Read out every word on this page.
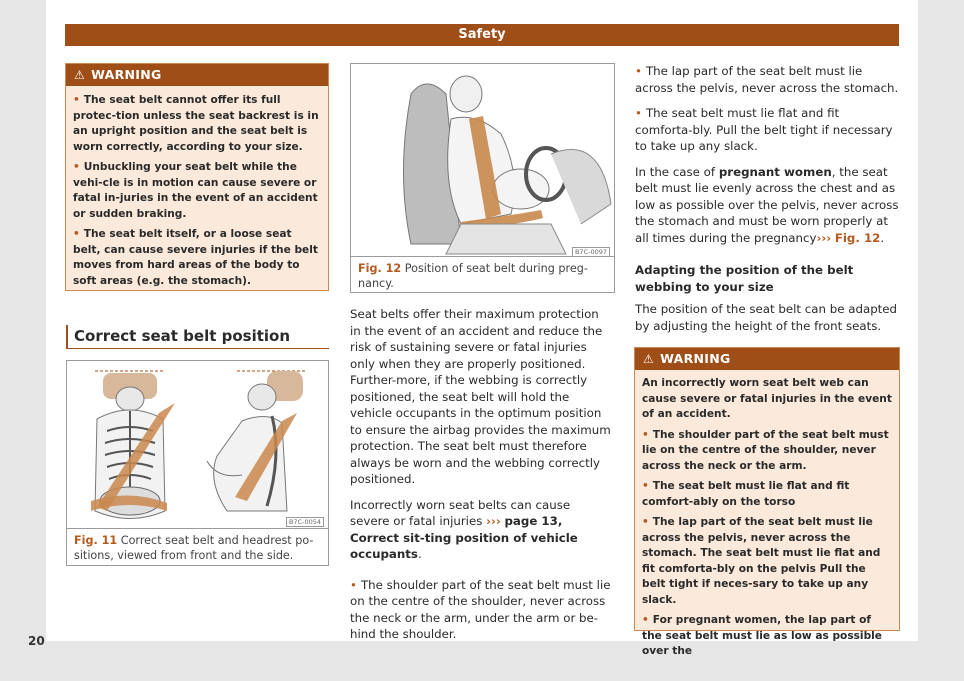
Safety
⚠ WARNING

• The seat belt cannot offer its full protec-tion unless the seat backrest is in an upright position and the seat belt is worn correctly, according to your size.

• Unbuckling your seat belt while the vehi-cle is in motion can cause severe or fatal in-juries in the event of an accident or sudden braking.

• The seat belt itself, or a loose seat belt, can cause severe injuries if the belt moves from hard areas of the body to soft areas (e.g. the stomach).

Correct seat belt position
B7C-0054
Fig. 11 Correct seat belt and headrest po-sitions, viewed from front and the side.
B7C-0097
Fig. 12 Position of seat belt during preg-nancy.

Seat belts offer their maximum protection in the event of an accident and reduce the risk of sustaining severe or fatal injuries only when they are properly positioned. Further-more, if the webbing is correctly positioned, the seat belt will hold the vehicle occupants in the optimum position to ensure the airbag provides the maximum protection. The seat belt must therefore always be worn and the webbing correctly positioned.

Incorrectly worn seat belts can cause severe or fatal injuries ››› page 13, Correct sit-ting position of vehicle occupants.

• The shoulder part of the seat belt must lie on the centre of the shoulder, never across the neck or the arm, under the arm or be-hind the shoulder.

• The lap part of the seat belt must lie across the pelvis, never across the stomach.

• The seat belt must lie flat and fit comforta-bly. Pull the belt tight if necessary to take up any slack.

In the case of pregnant women, the seat belt must lie evenly across the chest and as low as possible over the pelvis, never across the stomach and must be worn properly at all times during the pregnancy››› Fig. 12.

Adapting the position of the belt webbing to your size

The position of the seat belt can be adapted by adjusting the height of the front seats.

⚠ WARNING

An incorrectly worn seat belt web can cause severe or fatal injuries in the event of an accident.

• The shoulder part of the seat belt must lie on the centre of the shoulder, never across the neck or the arm.

• The seat belt must lie flat and fit comfort-ably on the torso

• The lap part of the seat belt must lie across the pelvis, never across the stomach. The seat belt must lie flat and fit comforta-bly on the pelvis Pull the belt tight if neces-sary to take up any slack.

• For pregnant women, the lap part of the seat belt must lie as low as possible over the

20
